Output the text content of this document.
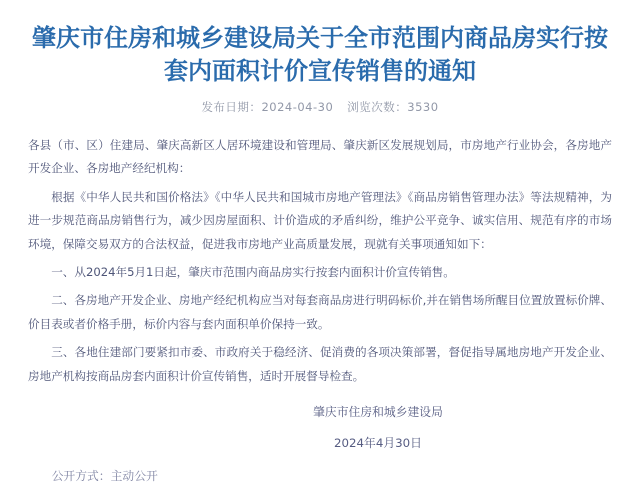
肇庆市住房和城乡建设局关于全市范围内商品房实行按套内面积计价宣传销售的通知
发布日期：2024-04-30 浏览次数：3530

各县（市、区）住建局、肇庆高新区人居环境建设和管理局、肇庆新区发展规划局，市房地产行业协会，各房地产开发企业、各房地产经纪机构：

根据《中华人民共和国价格法》《中华人民共和国城市房地产管理法》《商品房销售管理办法》等法规精神，为进一步规范商品房销售行为，减少因房屋面积、计价造成的矛盾纠纷，维护公平竞争、诚实信用、规范有序的市场环境，保障交易双方的合法权益，促进我市房地产业高质量发展，现就有关事项通知如下：

一、从2024年5月1日起，肇庆市范围内商品房实行按套内面积计价宣传销售。

二、各房地产开发企业、房地产经纪机构应当对每套商品房进行明码标价,并在销售场所醒目位置放置标价牌、价目表或者价格手册，标价内容与套内面积单价保持一致。

三、各地住建部门要紧扣市委、市政府关于稳经济、促消费的各项决策部署，督促指导属地房地产开发企业、房地产机构按商品房套内面积计价宣传销售，适时开展督导检查。

肇庆市住房和城乡建设局
2024年4月30日
公开方式：主动公开
